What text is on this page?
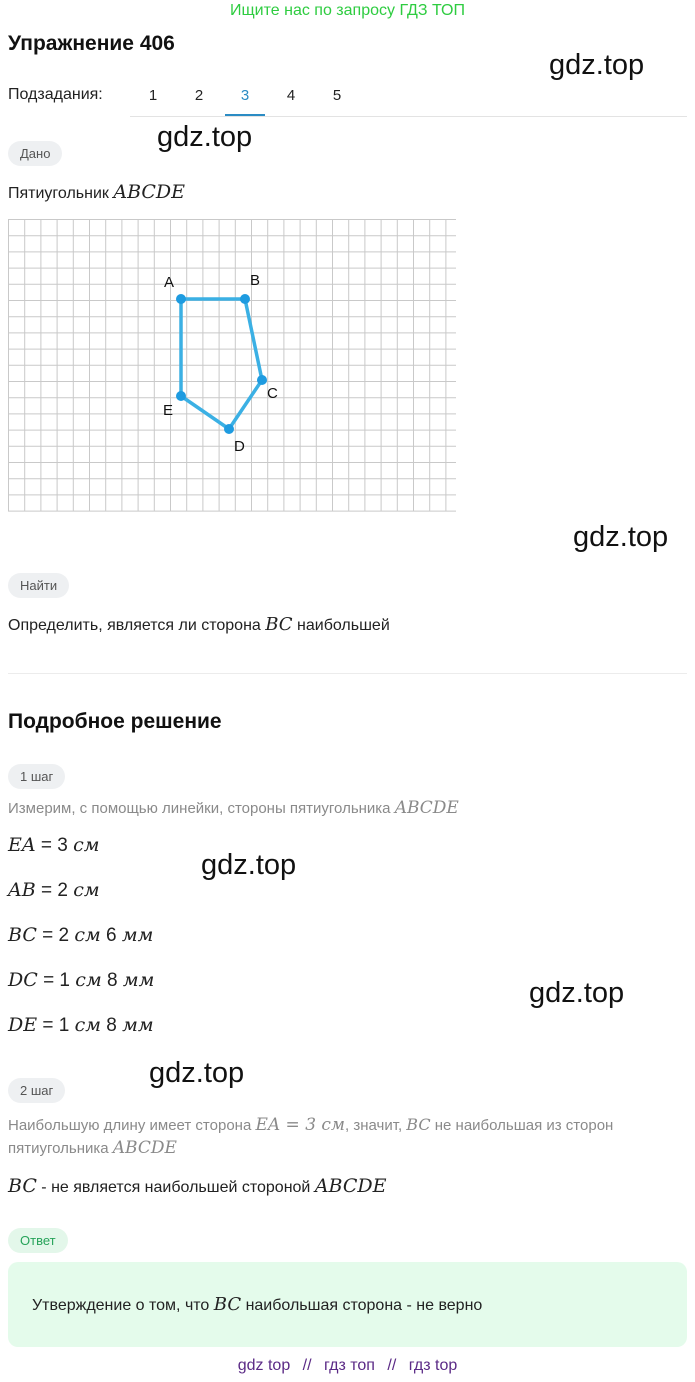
Ищите нас по запросу ГДЗ ТОП
Упражнение 406
gdz.top
Подзадания:	1	2	3	4	5
gdz.top
Дано
Пятиугольник ABCDE
A	B
C
D
E
gdz.top
Найти
Определить, является ли сторона BC наибольшей
Подробное решение
1 шаг
Измерим, с помощью линейки, стороны пятиугольника ABCDE
EA = 3 см
gdz.top
AB = 2 см
BC = 2 см 6 мм
DC = 1 см 8 мм	gdz.top
DE = 1 см 8 мм
gdz.top
2 шаг
Наибольшую длину имеет сторона EA = 3 см, значит, BC не наибольшая из сторон
пятиугольника ABCDE
BC - не является наибольшей стороной ABCDE
Ответ
Утверждение о том, что BC наибольшая сторона - не верно
gdz top // гдз топ // гдз top
